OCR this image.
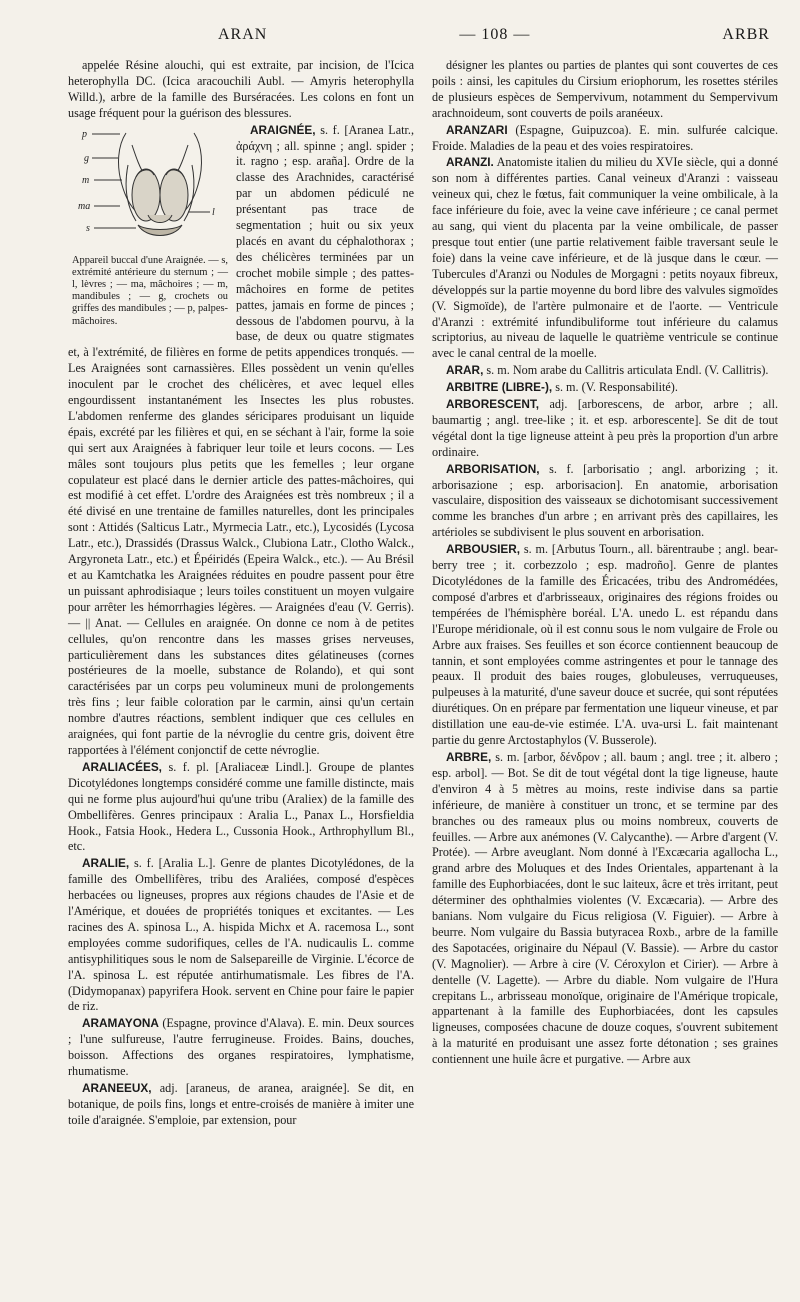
ARAN	— 108 —	ARBR

appelée Résine alouchi, qui est extraite, par incision, de l'Icica heterophylla DC. (Icica aracouchili Aubl. — Amyris heterophylla Willd.), arbre de la famille des Burséracées. Les colons en font un usage fréquent pour la guérison des blessures.

p
g
m
ma
s
l
Appareil buccal d'une Araignée. — s, extrémité antérieure du sternum ; — l, lèvres ; — ma, mâchoires ; — m, mandibules ; — g, crochets ou griffes des mandibules ; — p, palpes-mâchoires.

ARAIGNÉE, s. f. [Aranea Latr., ἀράχνη ; all. spinne ; angl. spider ; it. ragno ; esp. araña]. Ordre de la classe des Arachnides, caractérisé par un abdomen pédiculé ne présentant pas trace de segmentation ; huit ou six yeux placés en avant du céphalothorax ; des chélicères terminées par un crochet mobile simple ; des pattes-mâchoires en forme de petites pattes, jamais en forme de pinces ; dessous de l'abdomen pourvu, à la base, de deux ou quatre stigmates et, à l'extrémité, de filières en forme de petits appendices tronqués. — Les Araignées sont carnassières. Elles possèdent un venin qu'elles inoculent par le crochet des chélicères, et avec lequel elles engourdissent instantanément les Insectes les plus robustes. L'abdomen renferme des glandes séricipares produisant un liquide épais, excrété par les filières et qui, en se séchant à l'air, forme la soie qui sert aux Araignées à fabriquer leur toile et leurs cocons. — Les mâles sont toujours plus petits que les femelles ; leur organe copulateur est placé dans le dernier article des pattes-mâchoires, qui est modifié à cet effet. L'ordre des Araignées est très nombreux ; il a été divisé en une trentaine de familles naturelles, dont les principales sont : Attidés (Salticus Latr., Myrmecia Latr., etc.), Lycosidés (Lycosa Latr., etc.), Drassidés (Drassus Walck., Clubiona Latr., Clotho Walck., Argyroneta Latr., etc.) et Épéiridés (Epeira Walck., etc.). — Au Brésil et au Kamtchatka les Araignées réduites en poudre passent pour être un puissant aphrodisiaque ; leurs toiles constituent un moyen vulgaire pour arrêter les hémorrhagies légères. — Araignées d'eau (V. Gerris). — || Anat. — Cellules en araignée. On donne ce nom à de petites cellules, qu'on rencontre dans les masses grises nerveuses, particulièrement dans les substances dites gélatineuses (cornes postérieures de la moelle, substance de Rolando), et qui sont caractérisées par un corps peu volumineux muni de prolongements très fins ; leur faible coloration par le carmin, ainsi qu'un certain nombre d'autres réactions, semblent indiquer que ces cellules en araignées, qui font partie de la névroglie du centre gris, doivent être rapportées à l'élément conjonctif de cette névroglie.

ARALIACÉES, s. f. pl. [Araliaceæ Lindl.]. Groupe de plantes Dicotylédones longtemps considéré comme une famille distincte, mais qui ne forme plus aujourd'hui qu'une tribu (Araliex) de la famille des Ombellifères. Genres principaux : Aralia L., Panax L., Horsfieldia Hook., Fatsia Hook., Hedera L., Cussonia Hook., Arthrophyllum Bl., etc.

ARALIE, s. f. [Aralia L.]. Genre de plantes Dicotylédones, de la famille des Ombellifères, tribu des Araliées, composé d'espèces herbacées ou ligneuses, propres aux régions chaudes de l'Asie et de l'Amérique, et douées de propriétés toniques et excitantes. — Les racines des A. spinosa L., A. hispida Michx et A. racemosa L., sont employées comme sudorifiques, celles de l'A. nudicaulis L. comme antisyphilitiques sous le nom de Salsepareille de Virginie. L'écorce de l'A. spinosa L. est réputée antirhumatismale. Les fibres de l'A. (Didymopanax) papyrifera Hook. servent en Chine pour faire le papier de riz.

ARAMAYONA (Espagne, province d'Alava). E. min. Deux sources ; l'une sulfureuse, l'autre ferrugineuse. Froides. Bains, douches, boisson. Affections des organes respiratoires, lymphatisme, rhumatisme.

ARANEEUX, adj. [araneus, de aranea, araignée]. Se dit, en botanique, de poils fins, longs et entre-croisés de manière à imiter une toile d'araignée. S'emploie, par extension, pour

désigner les plantes ou parties de plantes qui sont couvertes de ces poils : ainsi, les capitules du Cirsium eriophorum, les rosettes stériles de plusieurs espèces de Sempervivum, notamment du Sempervivum arachnoideum, sont couverts de poils aranéeux.

ARANZARI (Espagne, Guipuzcoa). E. min. sulfurée calcique. Froide. Maladies de la peau et des voies respiratoires.

ARANZI. Anatomiste italien du milieu du XVIe siècle, qui a donné son nom à différentes parties. Canal veineux d'Aranzi : vaisseau veineux qui, chez le fœtus, fait communiquer la veine ombilicale, à la face inférieure du foie, avec la veine cave inférieure ; ce canal permet au sang, qui vient du placenta par la veine ombilicale, de passer presque tout entier (une partie relativement faible traversant seule le foie) dans la veine cave inférieure, et de là jusque dans le cœur. — Tubercules d'Aranzi ou Nodules de Morgagni : petits noyaux fibreux, développés sur la partie moyenne du bord libre des valvules sigmoïdes (V. Sigmoïde), de l'artère pulmonaire et de l'aorte. — Ventricule d'Aranzi : extrémité infundibuliforme tout inférieure du calamus scriptorius, au niveau de laquelle le quatrième ventricule se continue avec le canal central de la moelle.

ARAR, s. m. Nom arabe du Callitris articulata Endl. (V. Callitris).

ARBITRE (LIBRE-), s. m. (V. Responsabilité).

ARBORESCENT, adj. [arborescens, de arbor, arbre ; all. baumartig ; angl. tree-like ; it. et esp. arborescente]. Se dit de tout végétal dont la tige ligneuse atteint à peu près la proportion d'un arbre ordinaire.

ARBORISATION, s. f. [arborisatio ; angl. arborizing ; it. arborisazione ; esp. arborisacion]. En anatomie, arborisation vasculaire, disposition des vaisseaux se dichotomisant successivement comme les branches d'un arbre ; en arrivant près des capillaires, les artérioles se subdivisent le plus souvent en arborisation.

ARBOUSIER, s. m. [Arbutus Tourn., all. bärentraube ; angl. bear-berry tree ; it. corbezzolo ; esp. madroño]. Genre de plantes Dicotylédones de la famille des Éricacées, tribu des Andromédées, composé d'arbres et d'arbrisseaux, originaires des régions froides ou tempérées de l'hémisphère boréal. L'A. unedo L. est répandu dans l'Europe méridionale, où il est connu sous le nom vulgaire de Frole ou Arbre aux fraises. Ses feuilles et son écorce contiennent beaucoup de tannin, et sont employées comme astringentes et pour le tannage des peaux. Il produit des baies rouges, globuleuses, verruqueuses, pulpeuses à la maturité, d'une saveur douce et sucrée, qui sont réputées diurétiques. On en prépare par fermentation une liqueur vineuse, et par distillation une eau-de-vie estimée. L'A. uva-ursi L. fait maintenant partie du genre Arctostaphylos (V. Busserole).

ARBRE, s. m. [arbor, δένδρον ; all. baum ; angl. tree ; it. albero ; esp. arbol]. — Bot. Se dit de tout végétal dont la tige ligneuse, haute d'environ 4 à 5 mètres au moins, reste indivise dans sa partie inférieure, de manière à constituer un tronc, et se termine par des branches ou des rameaux plus ou moins nombreux, couverts de feuilles. — Arbre aux anémones (V. Calycanthe). — Arbre d'argent (V. Protée). — Arbre aveuglant. Nom donné à l'Excæcaria agallocha L., grand arbre des Moluques et des Indes Orientales, appartenant à la famille des Euphorbiacées, dont le suc laiteux, âcre et très irritant, peut déterminer des ophthalmies violentes (V. Excæcaria). — Arbre des banians. Nom vulgaire du Ficus religiosa (V. Figuier). — Arbre à beurre. Nom vulgaire du Bassia butyracea Roxb., arbre de la famille des Sapotacées, originaire du Népaul (V. Bassie). — Arbre du castor (V. Magnolier). — Arbre à cire (V. Céroxylon et Cirier). — Arbre à dentelle (V. Lagette). — Arbre du diable. Nom vulgaire de l'Hura crepitans L., arbrisseau monoïque, originaire de l'Amérique tropicale, appartenant à la famille des Euphorbiacées, dont les capsules ligneuses, composées chacune de douze coques, s'ouvrent subitement à la maturité en produisant une assez forte détonation ; ses graines contiennent une huile âcre et purgative. — Arbre aux
